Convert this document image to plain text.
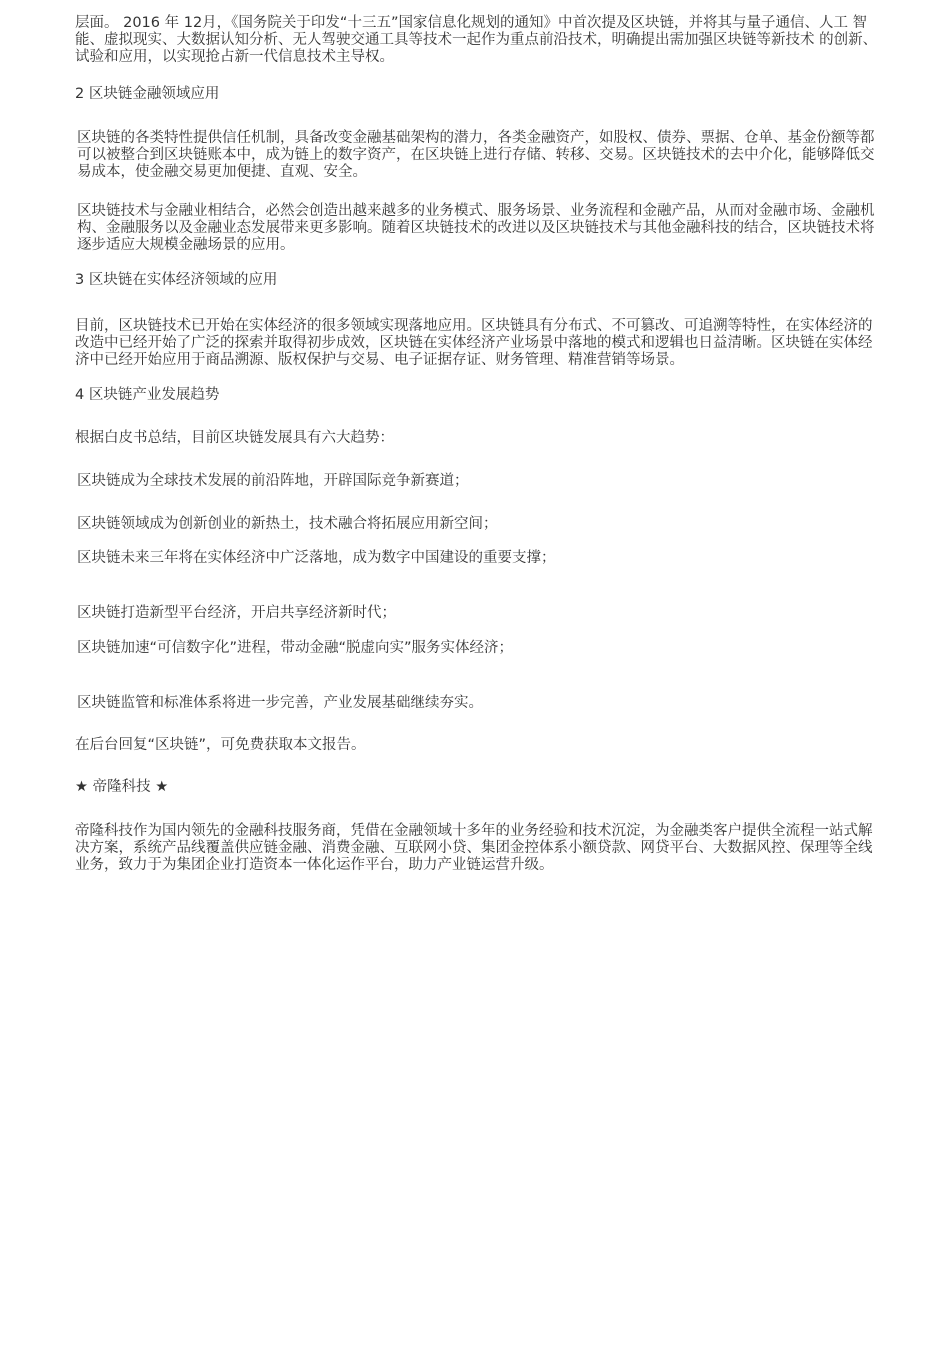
层面。 2016 年 12月，《国务院关于印发“十三五”国家信息化规划的通知》中首次提及区块链，并将其与量子通信、人工 智能、虚拟现实、大数据认知分析、无人驾驶交通工具等技术一起作为重点前沿技术，明确提出需加强区块链等新技术 的创新、试验和应用，以实现抢占新一代信息技术主导权。

2 区块链金融领域应用

区块链的各类特性提供信任机制，具备改变金融基础架构的潜力，各类金融资产，如股权、债券、票据、仓单、基金份额等都可以被整合到区块链账本中，成为链上的数字资产，在区块链上进行存储、转移、交易。区块链技术的去中介化，能够降低交易成本，使金融交易更加便捷、直观、安全。

区块链技术与金融业相结合，必然会创造出越来越多的业务模式、服务场景、业务流程和金融产品，从而对金融市场、金融机构、金融服务以及金融业态发展带来更多影响。随着区块链技术的改进以及区块链技术与其他金融科技的结合，区块链技术将逐步适应大规模金融场景的应用。

3 区块链在实体经济领域的应用

目前，区块链技术已开始在实体经济的很多领域实现落地应用。区块链具有分布式、不可篡改、可追溯等特性，在实体经济的改造中已经开始了广泛的探索并取得初步成效，区块链在实体经济产业场景中落地的模式和逻辑也日益清晰。区块链在实体经济中已经开始应用于商品溯源、版权保护与交易、电子证据存证、财务管理、精准营销等场景。

4 区块链产业发展趋势

根据白皮书总结，目前区块链发展具有六大趋势：

区块链成为全球技术发展的前沿阵地，开辟国际竞争新赛道；

区块链领域成为创新创业的新热土，技术融合将拓展应用新空间；

区块链未来三年将在实体经济中广泛落地，成为数字中国建设的重要支撑；

区块链打造新型平台经济，开启共享经济新时代；

区块链加速“可信数字化”进程，带动金融“脱虚向实”服务实体经济；

区块链监管和标准体系将进一步完善，产业发展基础继续夯实。

在后台回复“区块链”，可免费获取本文报告。

★ 帝隆科技 ★

帝隆科技作为国内领先的金融科技服务商，凭借在金融领域十多年的业务经验和技术沉淀，为金融类客户提供全流程一站式解决方案，系统产品线覆盖供应链金融、消费金融、互联网小贷、集团金控体系小额贷款、网贷平台、大数据风控、保理等全线业务，致力于为集团企业打造资本一体化运作平台，助力产业链运营升级。
